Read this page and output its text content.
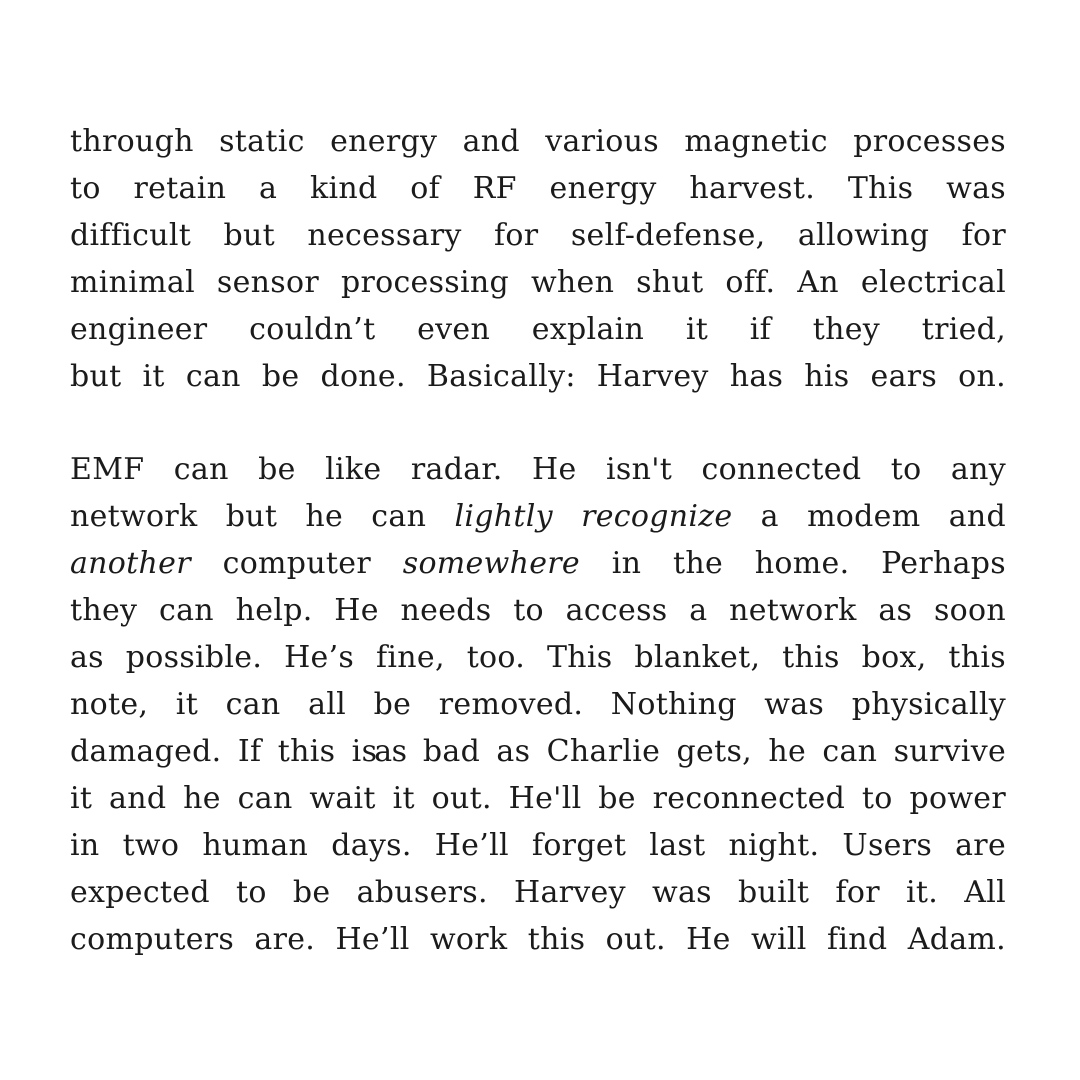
through static energy and various magnetic processes
to retain a kind of RF energy harvest. This was
difficult but necessary for self-defense, allowing for
minimal sensor processing when shut off. An electrical
engineer couldn’t even explain it if they tried,
but it can be done. Basically: Harvey has his ears on.
EMF can be like radar. He isn't connected to any
network but he can lightly recognize a modem and
another computer somewhere in the home. Perhaps
they can help. He needs to access a network as soon
as possible. He’s fine, too. This blanket, this box, this
note, it can all be removed. Nothing was physically
damaged. If this isas bad as Charlie gets, he can survive
it and he can wait it out. He'll be reconnected to power
in two human days. He’ll forget last night. Users are
expected to be abusers. Harvey was built for it. All
computers are. He’ll work this out. He will find Adam.
